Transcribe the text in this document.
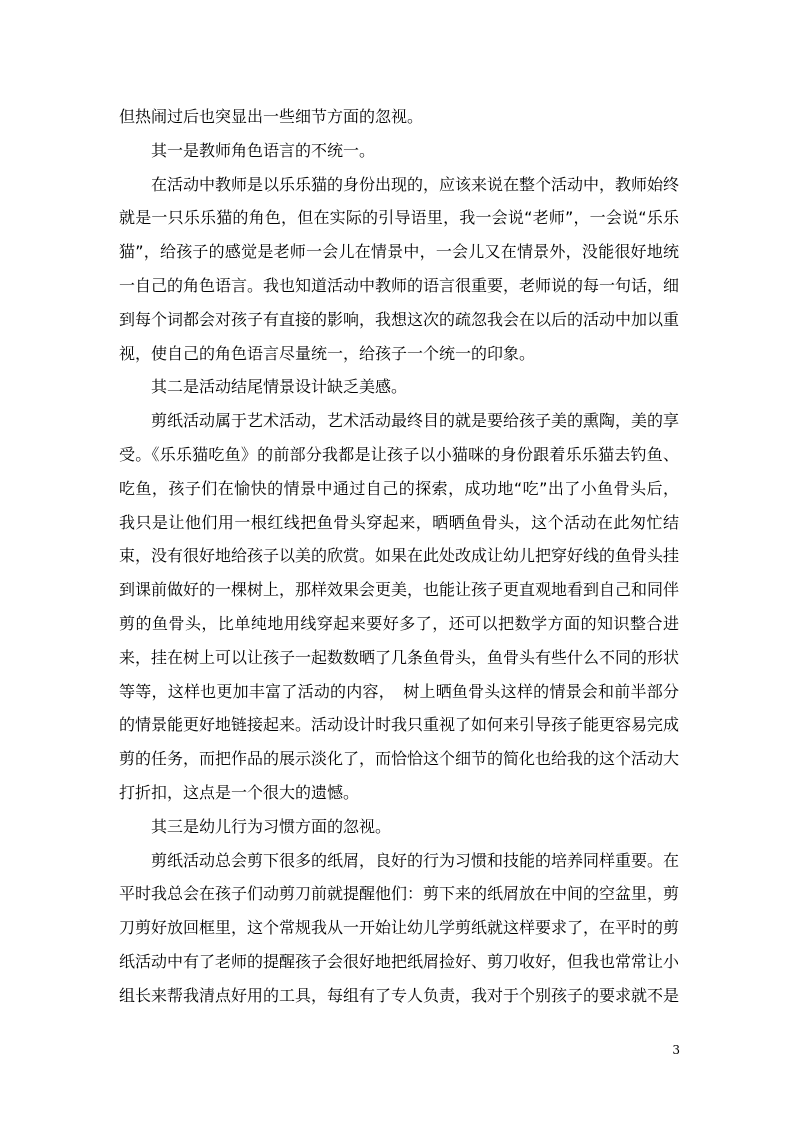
但热闹过后也突显出一些细节方面的忽视。

其一是教师角色语言的不统一。

在活动中教师是以乐乐猫的身份出现的，应该来说在整个活动中，教师始终就是一只乐乐猫的角色，但在实际的引导语里，我一会说“老师”，一会说“乐乐猫”，给孩子的感觉是老师一会儿在情景中，一会儿又在情景外，没能很好地统一自己的角色语言。我也知道活动中教师的语言很重要，老师说的每一句话，细到每个词都会对孩子有直接的影响，我想这次的疏忽我会在以后的活动中加以重视，使自己的角色语言尽量统一，给孩子一个统一的印象。

其二是活动结尾情景设计缺乏美感。

剪纸活动属于艺术活动，艺术活动最终目的就是要给孩子美的熏陶，美的享受。《乐乐猫吃鱼》的前部分我都是让孩子以小猫咪的身份跟着乐乐猫去钓鱼、吃鱼，孩子们在愉快的情景中通过自己的探索，成功地“吃”出了小鱼骨头后，我只是让他们用一根红线把鱼骨头穿起来，晒晒鱼骨头，这个活动在此匆忙结束，没有很好地给孩子以美的欣赏。如果在此处改成让幼儿把穿好线的鱼骨头挂到课前做好的一棵树上，那样效果会更美，也能让孩子更直观地看到自己和同伴剪的鱼骨头，比单纯地用线穿起来要好多了，还可以把数学方面的知识整合进来，挂在树上可以让孩子一起数数晒了几条鱼骨头，鱼骨头有些什么不同的形状等等，这样也更加丰富了活动的内容，　树上晒鱼骨头这样的情景会和前半部分的情景能更好地链接起来。活动设计时我只重视了如何来引导孩子能更容易完成剪的任务，而把作品的展示淡化了，而恰恰这个细节的简化也给我的这个活动大打折扣，这点是一个很大的遗憾。

其三是幼儿行为习惯方面的忽视。

剪纸活动总会剪下很多的纸屑，良好的行为习惯和技能的培养同样重要。在平时我总会在孩子们动剪刀前就提醒他们：剪下来的纸屑放在中间的空盆里，剪刀剪好放回框里，这个常规我从一开始让幼儿学剪纸就这样要求了，在平时的剪纸活动中有了老师的提醒孩子会很好地把纸屑捡好、剪刀收好，但我也常常让小组长来帮我清点好用的工具，每组有了专人负责，我对于个别孩子的要求就不是

3
